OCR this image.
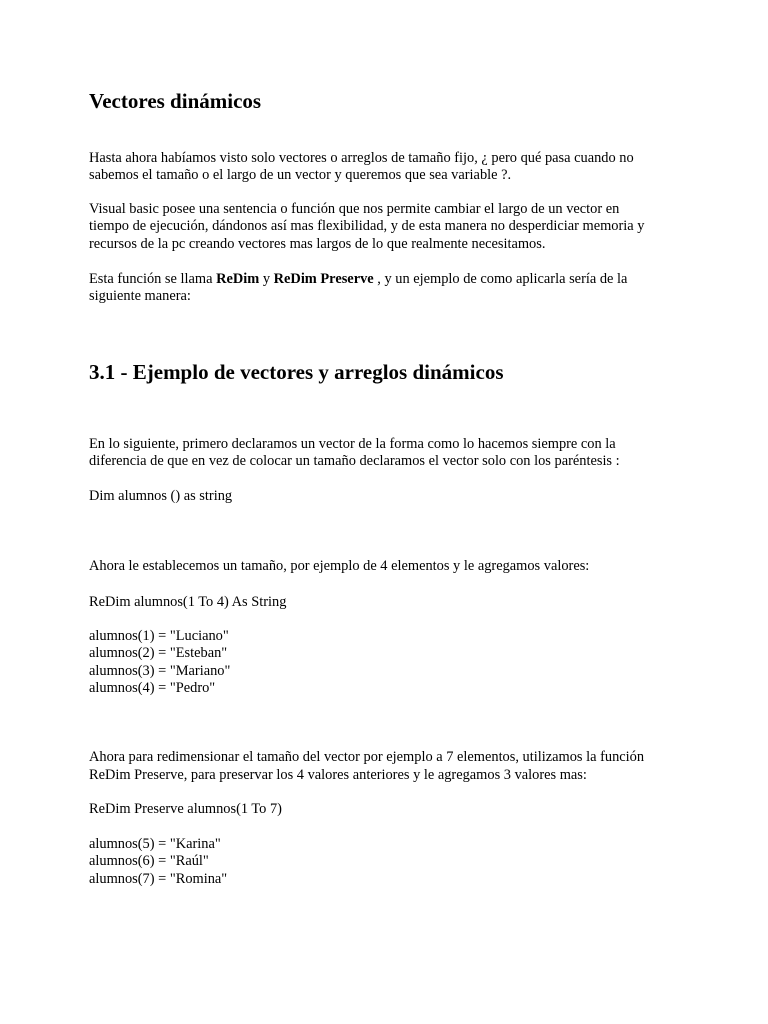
Vectores dinámicos

Hasta ahora habíamos visto solo vectores o arreglos de tamaño fijo, ¿ pero qué pasa cuando no

sabemos el tamaño o el largo de un vector y queremos que sea variable ?.

Visual basic posee una sentencia o función que nos permite cambiar el largo de un vector en

tiempo de ejecución, dándonos así mas flexibilidad, y de esta manera no desperdiciar memoria y

recursos de la pc creando vectores mas largos de lo que realmente necesitamos.

Esta función se llama ReDim y ReDim Preserve , y un ejemplo de como aplicarla sería de la

siguiente manera:

3.1 - Ejemplo de vectores y arreglos dinámicos

En lo siguiente, primero declaramos un vector de la forma como lo hacemos siempre con la

diferencia de que en vez de colocar un tamaño declaramos el vector solo con los paréntesis :

Dim alumnos () as string

Ahora le establecemos un tamaño, por ejemplo de 4 elementos y le agregamos valores:

ReDim alumnos(1 To 4) As String

alumnos(1) = "Luciano"

alumnos(2) = "Esteban"

alumnos(3) = "Mariano"

alumnos(4) = "Pedro"

Ahora para redimensionar el tamaño del vector por ejemplo a 7 elementos, utilizamos la función

ReDim Preserve, para preservar los 4 valores anteriores y le agregamos 3 valores mas:

ReDim Preserve alumnos(1 To 7)

alumnos(5) = "Karina"

alumnos(6) = "Raúl"

alumnos(7) = "Romina"
